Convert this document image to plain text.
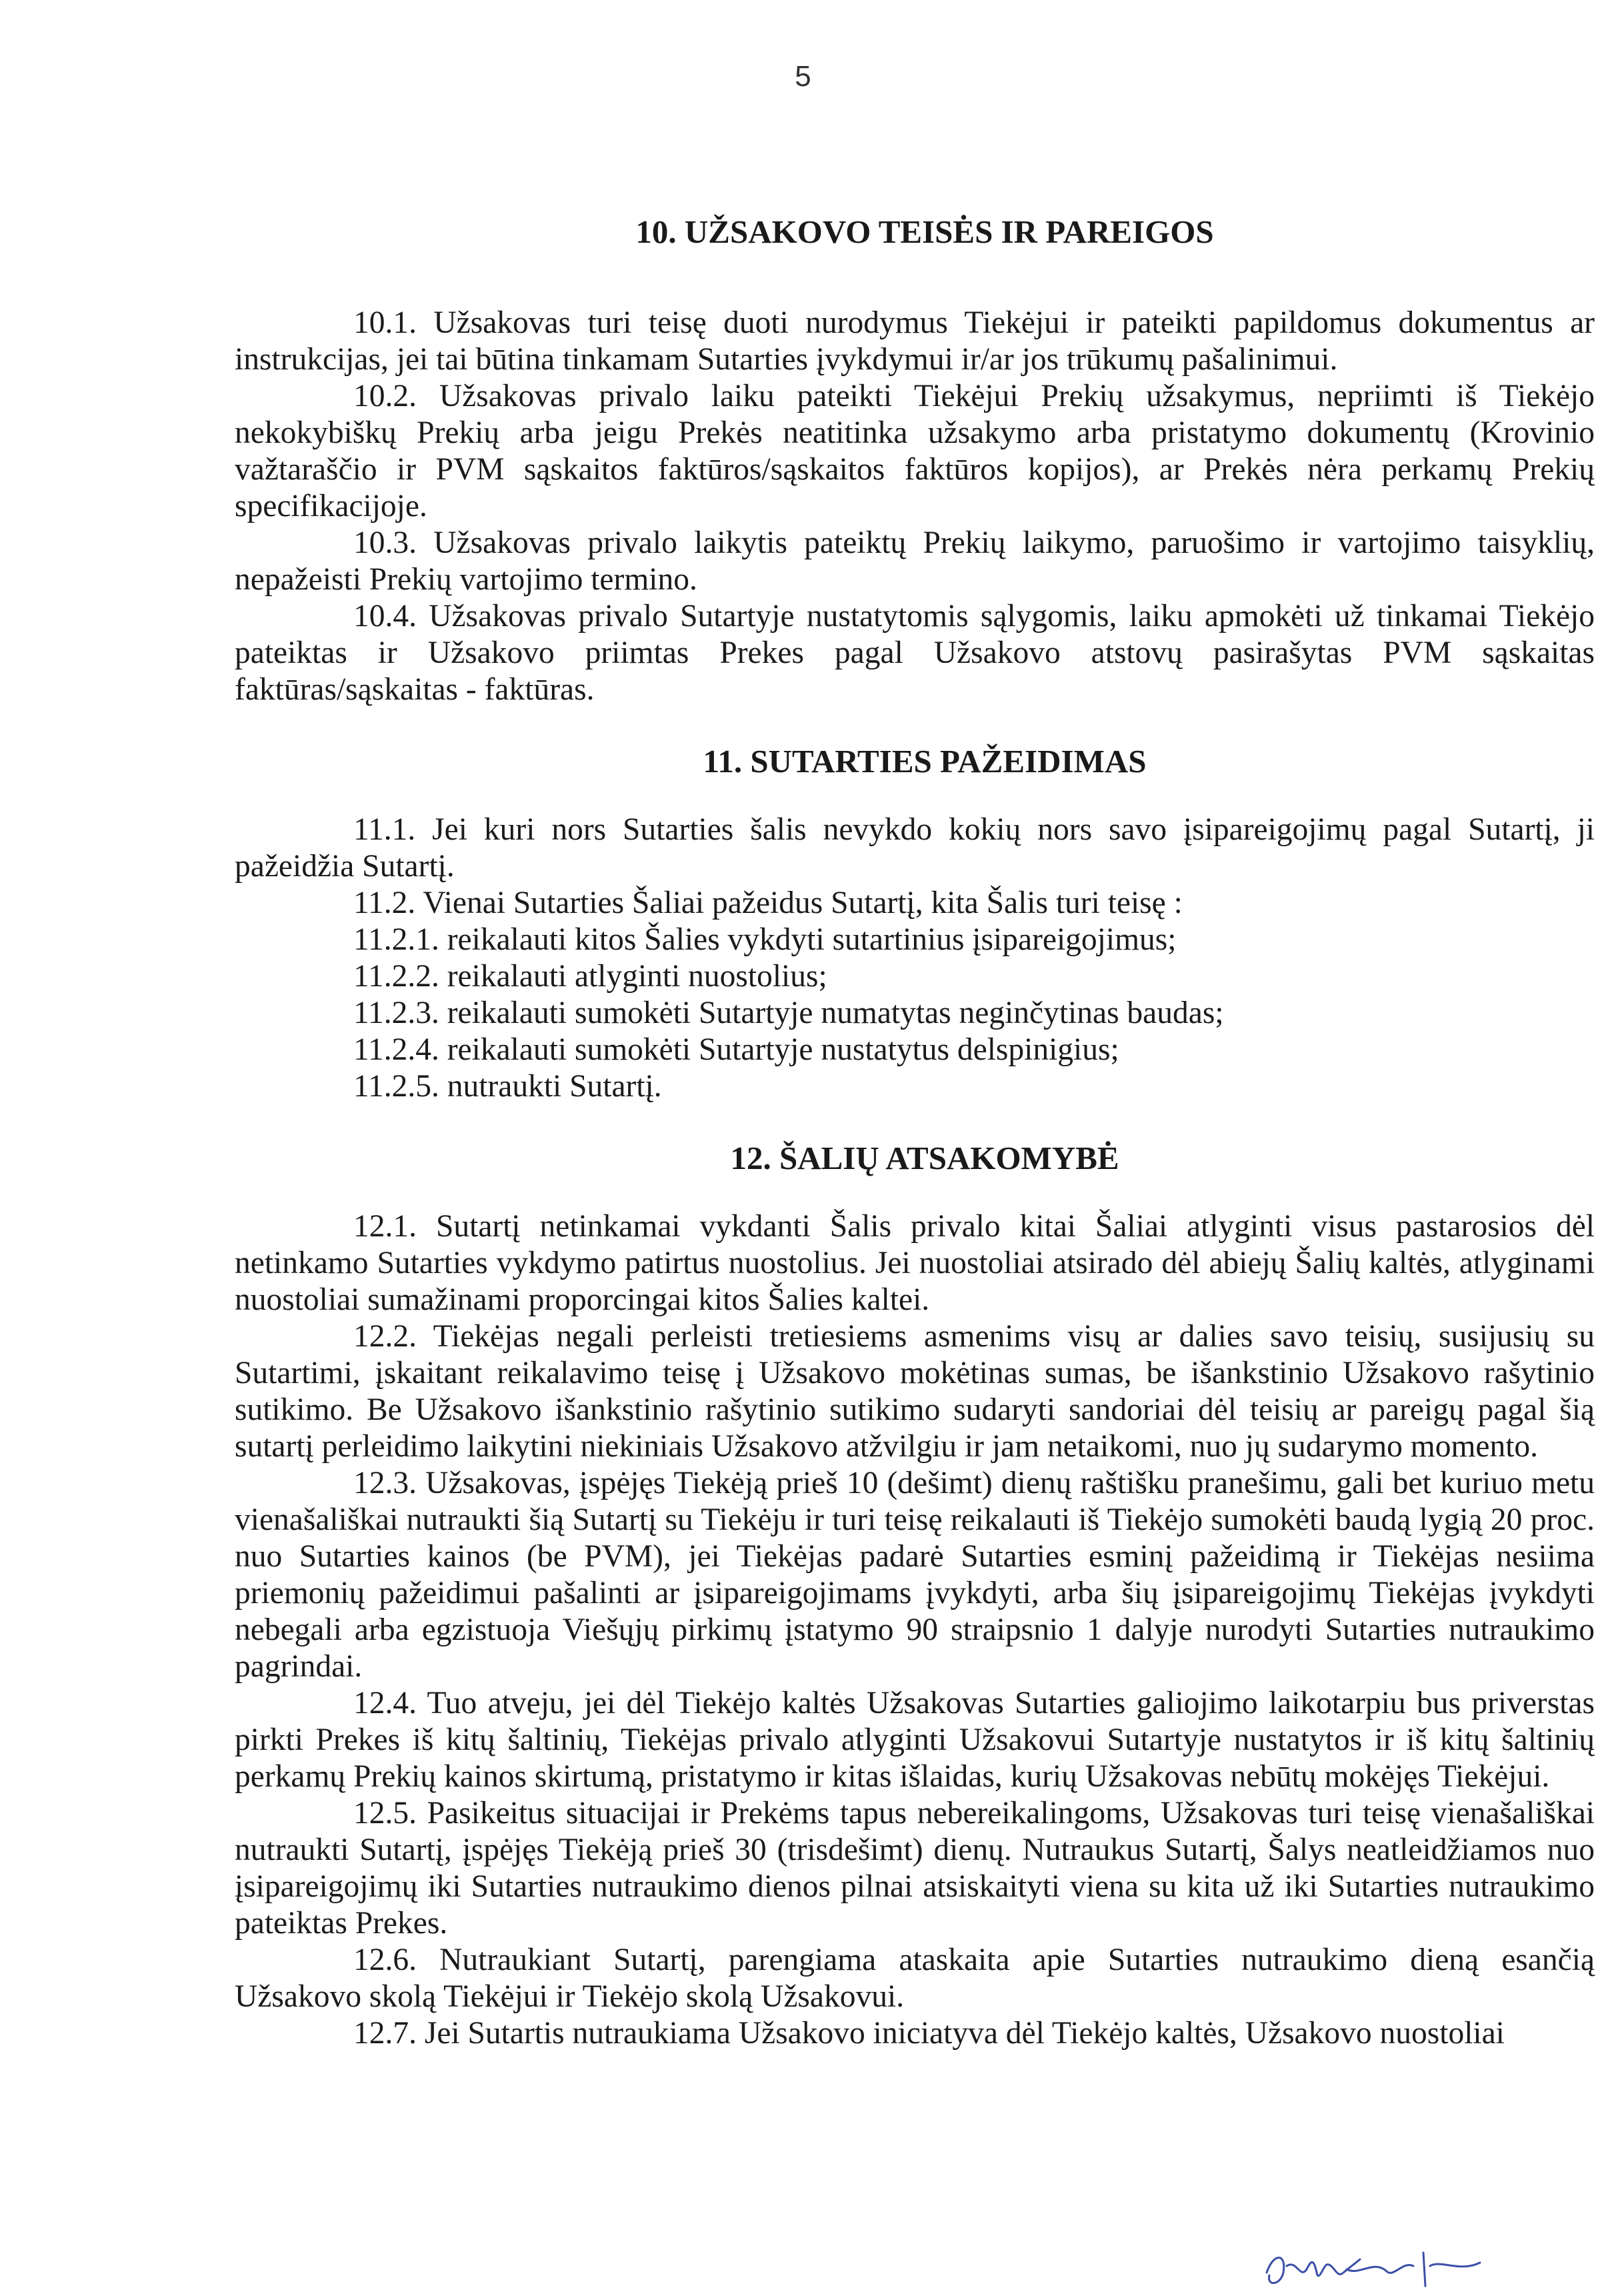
5

10. UŽSAKOVO TEISĖS IR PAREIGOS

10.1. Užsakovas turi teisę duoti nurodymus Tiekėjui ir pateikti papildomus dokumentus ar instrukcijas, jei tai būtina tinkamam Sutarties įvykdymui ir/ar jos trūkumų pašalinimui.

10.2. Užsakovas privalo laiku pateikti Tiekėjui Prekių užsakymus, nepriimti iš Tiekėjo nekokybiškų Prekių arba jeigu Prekės neatitinka užsakymo arba pristatymo dokumentų (Krovinio važtaraščio ir PVM sąskaitos faktūros/sąskaitos faktūros kopijos), ar Prekės nėra perkamų Prekių specifikacijoje.

10.3. Užsakovas privalo laikytis pateiktų Prekių laikymo, paruošimo ir vartojimo taisyklių, nepažeisti Prekių vartojimo termino.

10.4. Užsakovas privalo Sutartyje nustatytomis sąlygomis, laiku apmokėti už tinkamai Tiekėjo pateiktas ir Užsakovo priimtas Prekes pagal Užsakovo atstovų pasirašytas PVM sąskaitas faktūras/sąskaitas - faktūras.

11. SUTARTIES PAŽEIDIMAS

11.1. Jei kuri nors Sutarties šalis nevykdo kokių nors savo įsipareigojimų pagal Sutartį, ji pažeidžia Sutartį.

11.2. Vienai Sutarties Šaliai pažeidus Sutartį, kita Šalis turi teisę :

11.2.1. reikalauti kitos Šalies vykdyti sutartinius įsipareigojimus;

11.2.2. reikalauti atlyginti nuostolius;

11.2.3. reikalauti sumokėti Sutartyje numatytas neginčytinas baudas;

11.2.4. reikalauti sumokėti Sutartyje nustatytus delspinigius;

11.2.5. nutraukti Sutartį.

12. ŠALIŲ ATSAKOMYBĖ

12.1. Sutartį netinkamai vykdanti Šalis privalo kitai Šaliai atlyginti visus pastarosios dėl netinkamo Sutarties vykdymo patirtus nuostolius. Jei nuostoliai atsirado dėl abiejų Šalių kaltės, atlyginami nuostoliai sumažinami proporcingai kitos Šalies kaltei.

12.2. Tiekėjas negali perleisti tretiesiems asmenims visų ar dalies savo teisių, susijusių su Sutartimi, įskaitant reikalavimo teisę į Užsakovo mokėtinas sumas, be išankstinio Užsakovo rašytinio sutikimo. Be Užsakovo išankstinio rašytinio sutikimo sudaryti sandoriai dėl teisių ar pareigų pagal šią sutartį perleidimo laikytini niekiniais Užsakovo atžvilgiu ir jam netaikomi, nuo jų sudarymo momento.

12.3. Užsakovas, įspėjęs Tiekėją prieš 10 (dešimt) dienų raštišku pranešimu, gali bet kuriuo metu vienašališkai nutraukti šią Sutartį su Tiekėju ir turi teisę reikalauti iš Tiekėjo sumokėti baudą lygią 20 proc. nuo Sutarties kainos (be PVM), jei Tiekėjas padarė Sutarties esminį pažeidimą ir Tiekėjas nesiima priemonių pažeidimui pašalinti ar įsipareigojimams įvykdyti, arba šių įsipareigojimų Tiekėjas įvykdyti nebegali arba egzistuoja Viešųjų pirkimų įstatymo 90 straipsnio 1 dalyje nurodyti Sutarties nutraukimo pagrindai.

12.4. Tuo atveju, jei dėl Tiekėjo kaltės Užsakovas Sutarties galiojimo laikotarpiu bus priverstas pirkti Prekes iš kitų šaltinių, Tiekėjas privalo atlyginti Užsakovui Sutartyje nustatytos ir iš kitų šaltinių perkamų Prekių kainos skirtumą, pristatymo ir kitas išlaidas, kurių Užsakovas nebūtų mokėjęs Tiekėjui.

12.5. Pasikeitus situacijai ir Prekėms tapus nebereikalingoms, Užsakovas turi teisę vienašališkai nutraukti Sutartį, įspėjęs Tiekėją prieš 30 (trisdešimt) dienų. Nutraukus Sutartį, Šalys neatleidžiamos nuo įsipareigojimų iki Sutarties nutraukimo dienos pilnai atsiskaityti viena su kita už iki Sutarties nutraukimo pateiktas Prekes.

12.6. Nutraukiant Sutartį, parengiama ataskaita apie Sutarties nutraukimo dieną esančią Užsakovo skolą Tiekėjui ir Tiekėjo skolą Užsakovui.

12.7. Jei Sutartis nutraukiama Užsakovo iniciatyva dėl Tiekėjo kaltės, Užsakovo nuostoliai
